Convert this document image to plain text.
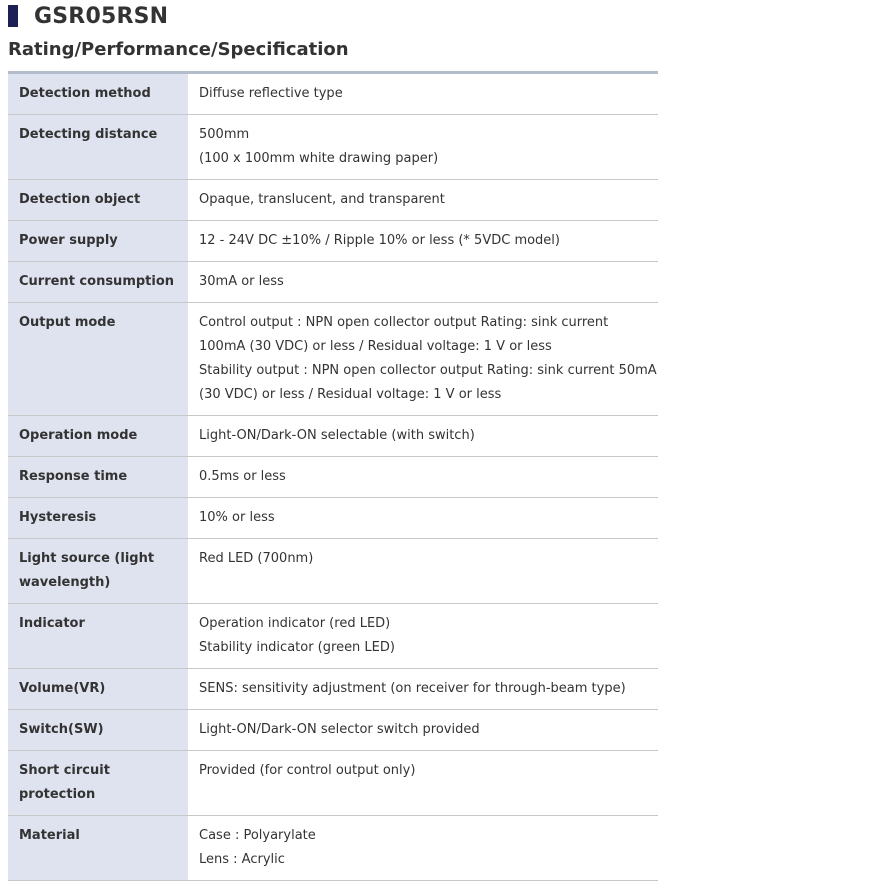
GSR05RSN
Rating/Performance/Specification
Detection method	Diffuse reflective type

Detecting distance	500mm
(100 x 100mm white drawing paper)

Detection object	Opaque, translucent, and transparent

Power supply	12 - 24V DC ±10% / Ripple 10% or less (* 5VDC model)

Current consumption	30mA or less

Output mode	Control output : NPN open collector output Rating: sink current
100mA (30 VDC) or less / Residual voltage: 1 V or less
Stability output : NPN open collector output Rating: sink current 50mA
(30 VDC) or less / Residual voltage: 1 V or less

Operation mode	Light-ON/Dark-ON selectable (with switch)

Response time	0.5ms or less

Hysteresis	10% or less

Light source (light wavelength)	Red LED (700nm)

Indicator	Operation indicator (red LED)
Stability indicator (green LED)

Volume(VR)	SENS: sensitivity adjustment (on receiver for through-beam type)

Switch(SW)	Light-ON/Dark-ON selector switch provided

Short circuit protection	Provided (for control output only)

Material	Case : Polyarylate
Lens : Acrylic
